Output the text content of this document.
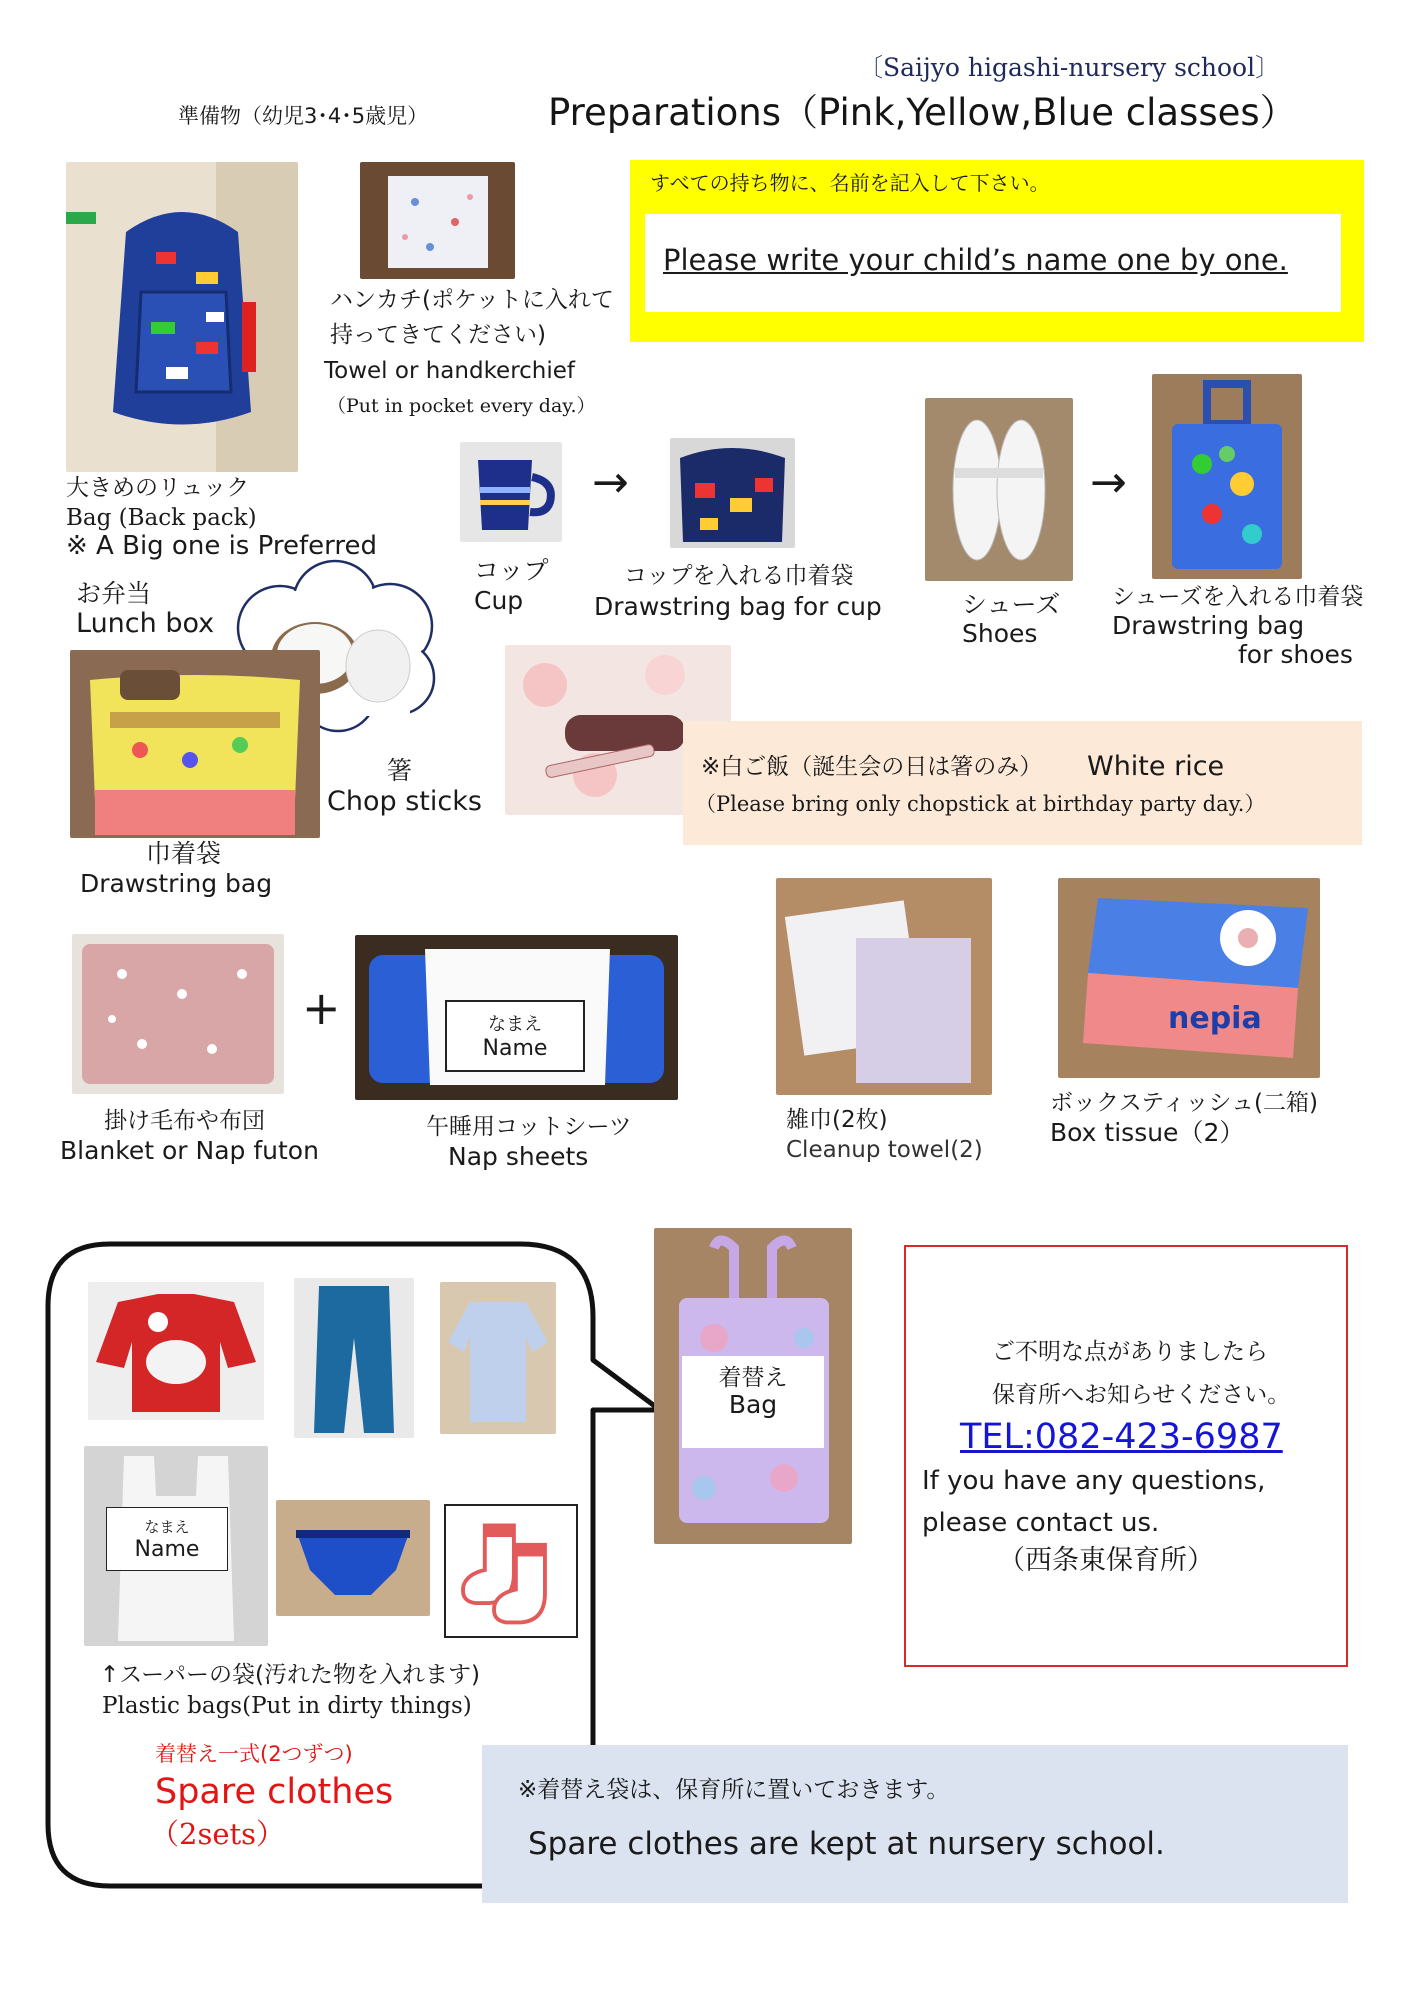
〔Saijyo higashi-nursery school〕
Preparations（Pink,Yellow,Blue classes）
準備物（幼児3･4･5歳児）
すべての持ち物に、名前を記入して下さい。
Please write your child’s name one by one.
大きめのリュック
Bag (Back pack)
※ A Big one is Preferred
ハンカチ(ポケットに入れて
持ってきてください)
Towel or handkerchief
（Put in pocket every day.）
コップ
Cup
→
コップを入れる巾着袋
Drawstring bag for cup	シューズ
Shoes
→
シューズを入れる巾着袋
Drawstring bag
for shoes
お弁当
Lunch box
巾着袋
Drawstring bag
箸
Chop sticks
※白ご飯（誕生会の日は箸のみ） White rice
（Please bring only chopstick at birthday party day.）
掛け毛布や布団
Blanket or Nap futon
+	なまえ
Name
午睡用コットシーツ
Nap sheets
雑巾(2枚)
Cleanup towel(2)
nepia
ボックスティッシュ(二箱)
Box tissue（2）
なまえ
Name
↑スーパーの袋(汚れた物を入れます)
Plastic bags(Put in dirty things)
着替え一式(2つずつ)
Spare clothes
（2sets）
着替え
Bag
ご不明な点がありましたら
保育所へお知らせください。
TEL:082-423-6987
If you have any questions,
please contact us.
（西条東保育所）
※着替え袋は、保育所に置いておきます。
Spare clothes are kept at nursery school.
